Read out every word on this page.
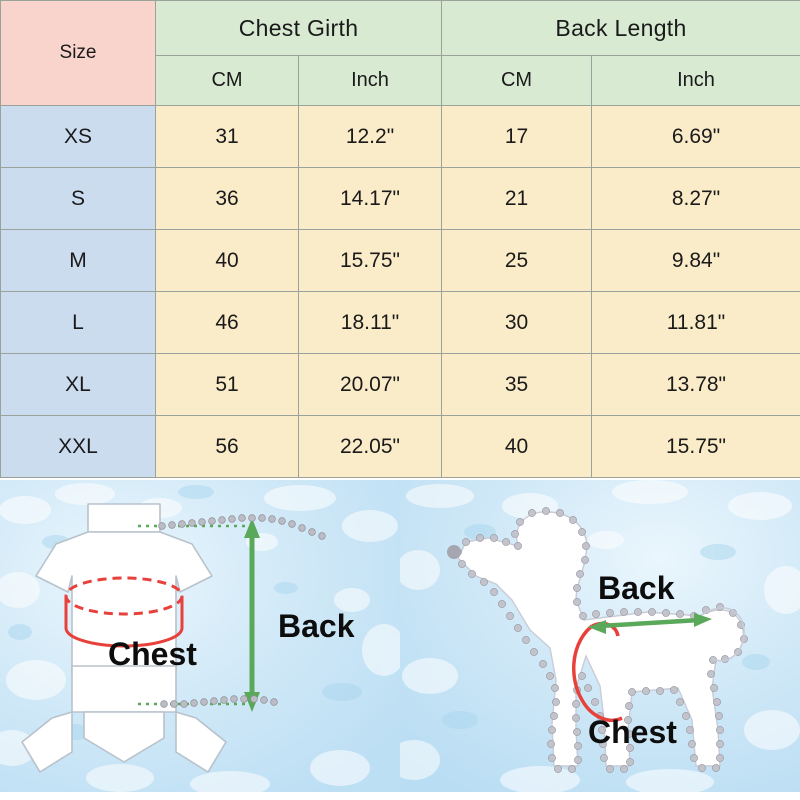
Size	Chest Girth		Back Length	
	CM	Inch	CM	Inch
XS	31	12.2"	17	6.69"
S	36	14.17"	21	8.27"
M	40	15.75"	25	9.84"
L	46	18.11"	30	11.81"
XL	51	20.07"	35	13.78"
XXL	56	22.05"	40	15.75"
Chest
Back
Back
Chest
